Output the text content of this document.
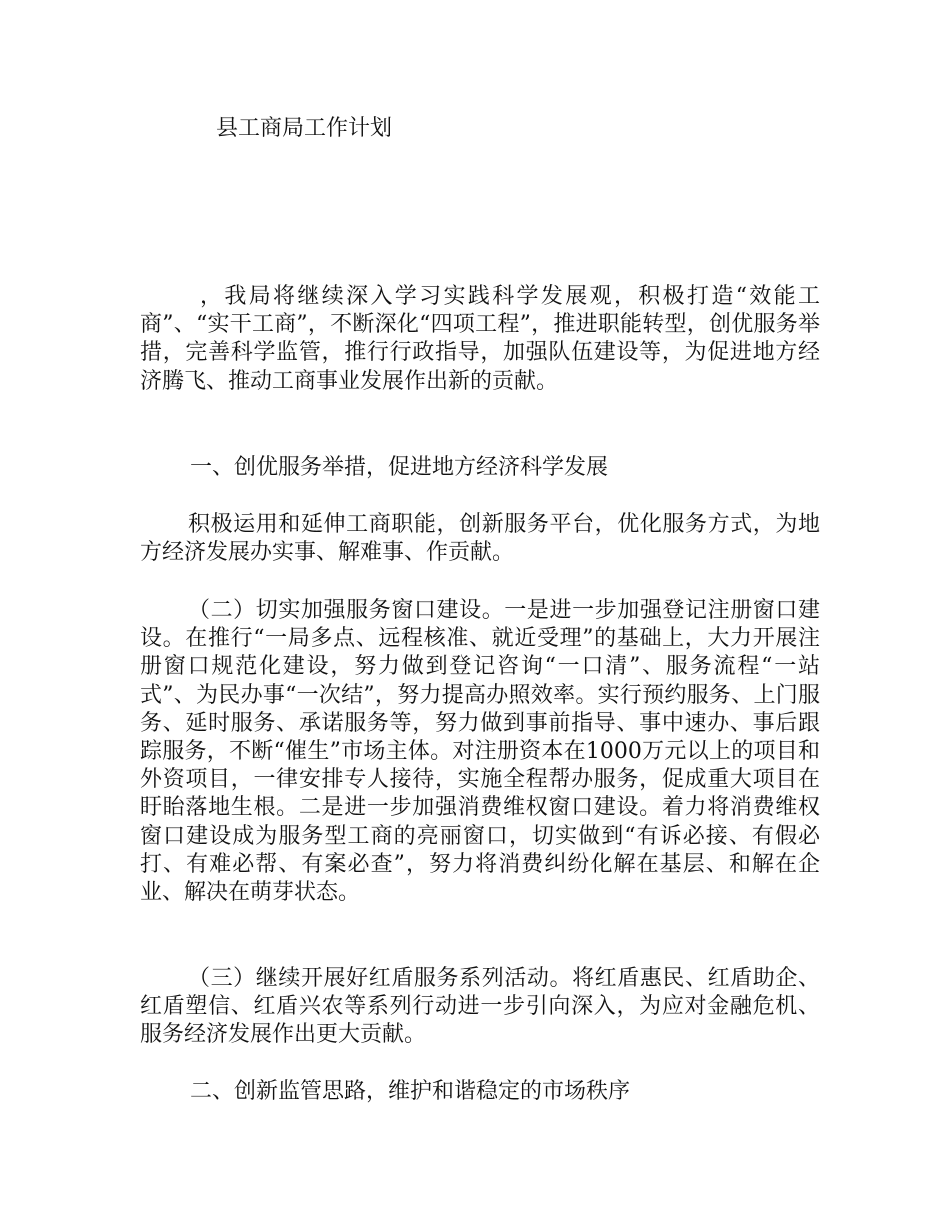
县工商局工作计划
，我局将继续深入学习实践科学发展观，积极打造“效能工商”、“实干工商”，不断深化“四项工程”，推进职能转型，创优服务举措，完善科学监管，推行行政指导，加强队伍建设等，为促进地方经济腾飞、推动工商事业发展作出新的贡献。
一、创优服务举措，促进地方经济科学发展
积极运用和延伸工商职能，创新服务平台，优化服务方式，为地方经济发展办实事、解难事、作贡献。
（二）切实加强服务窗口建设。一是进一步加强登记注册窗口建设。在推行“一局多点、远程核准、就近受理”的基础上，大力开展注册窗口规范化建设，努力做到登记咨询“一口清”、服务流程“一站式”、为民办事“一次结”，努力提高办照效率。实行预约服务、上门服务、延时服务、承诺服务等，努力做到事前指导、事中速办、事后跟踪服务，不断“催生”市场主体。对注册资本在1000万元以上的项目和外资项目，一律安排专人接待，实施全程帮办服务，促成重大项目在盱眙落地生根。二是进一步加强消费维权窗口建设。着力将消费维权窗口建设成为服务型工商的亮丽窗口，切实做到“有诉必接、有假必打、有难必帮、有案必查”，努力将消费纠纷化解在基层、和解在企业、解决在萌芽状态。
（三）继续开展好红盾服务系列活动。将红盾惠民、红盾助企、红盾塑信、红盾兴农等系列行动进一步引向深入，为应对金融危机、服务经济发展作出更大贡献。
二、创新监管思路，维护和谐稳定的市场秩序
